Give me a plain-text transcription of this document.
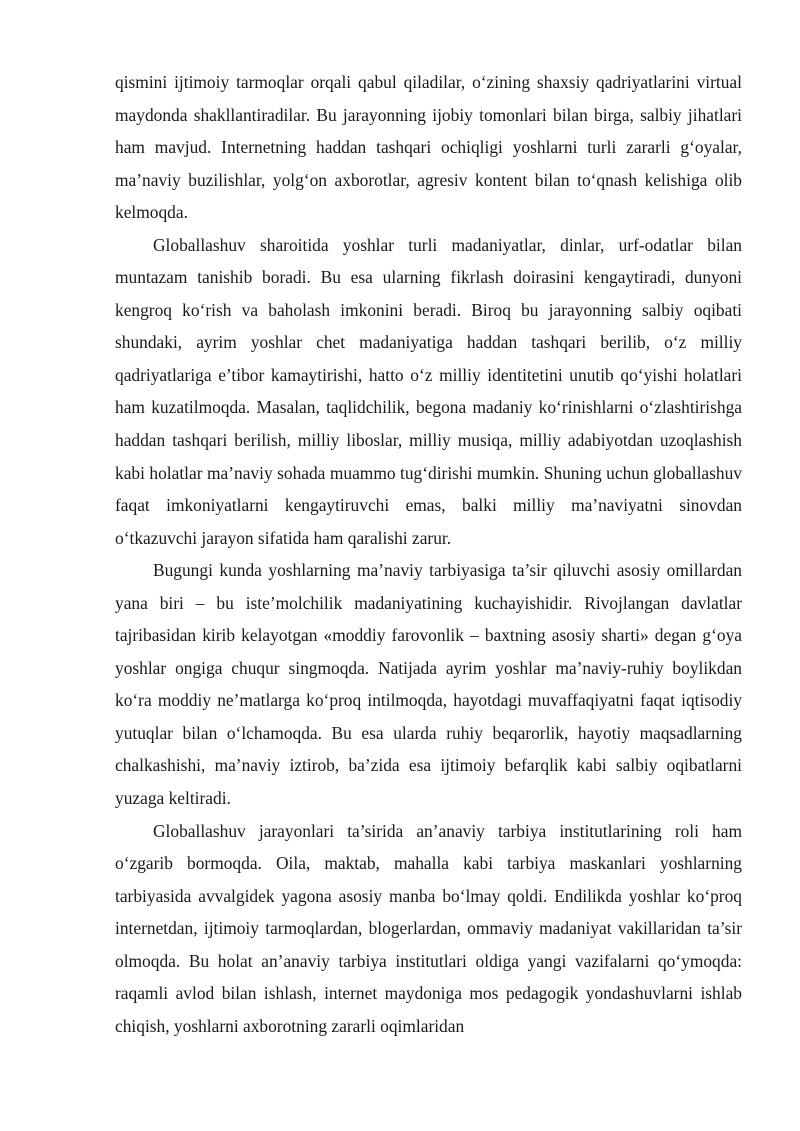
qismini ijtimoiy tarmoqlar orqali qabul qiladilar, o‘zining shaxsiy qadriyatlarini virtual maydonda shakllantiradilar. Bu jarayonning ijobiy tomonlari bilan birga, salbiy jihatlari ham mavjud. Internetning haddan tashqari ochiqligi yoshlarni turli zararli g‘oyalar, ma’naviy buzilishlar, yolg‘on axborotlar, agresiv kontent bilan to‘qnash kelishiga olib kelmoqda.

Globallashuv sharoitida yoshlar turli madaniyatlar, dinlar, urf-odatlar bilan muntazam tanishib boradi. Bu esa ularning fikrlash doirasini kengaytiradi, dunyoni kengroq ko‘rish va baholash imkonini beradi. Biroq bu jarayonning salbiy oqibati shundaki, ayrim yoshlar chet madaniyatiga haddan tashqari berilib, o‘z milliy qadriyatlariga e’tibor kamaytirishi, hatto o‘z milliy identitetini unutib qo‘yishi holatlari ham kuzatilmoqda. Masalan, taqlidchilik, begona madaniy ko‘rinishlarni o‘zlashtirishga haddan tashqari berilish, milliy liboslar, milliy musiqa, milliy adabiyotdan uzoqlashish kabi holatlar ma’naviy sohada muammo tug‘dirishi mumkin. Shuning uchun globallashuv faqat imkoniyatlarni kengaytiruvchi emas, balki milliy ma’naviyatni sinovdan o‘tkazuvchi jarayon sifatida ham qaralishi zarur.

Bugungi kunda yoshlarning ma’naviy tarbiyasiga ta’sir qiluvchi asosiy omillardan yana biri – bu iste’molchilik madaniyatining kuchayishidir. Rivojlangan davlatlar tajribasidan kirib kelayotgan «moddiy farovonlik – baxtning asosiy sharti» degan g‘oya yoshlar ongiga chuqur singmoqda. Natijada ayrim yoshlar ma’naviy-ruhiy boylikdan ko‘ra moddiy ne’matlarga ko‘proq intilmoqda, hayotdagi muvaffaqiyatni faqat iqtisodiy yutuqlar bilan o‘lchamoqda. Bu esa ularda ruhiy beqarorlik, hayotiy maqsadlarning chalkashishi, ma’naviy iztirob, ba’zida esa ijtimoiy befarqlik kabi salbiy oqibatlarni yuzaga keltiradi.

Globallashuv jarayonlari ta’sirida an’anaviy tarbiya institutlarining roli ham o‘zgarib bormoqda. Oila, maktab, mahalla kabi tarbiya maskanlari yoshlarning tarbiyasida avvalgidek yagona asosiy manba bo‘lmay qoldi. Endilikda yoshlar ko‘proq internetdan, ijtimoiy tarmoqlardan, blogerlardan, ommaviy madaniyat vakillaridan ta’sir olmoqda. Bu holat an’anaviy tarbiya institutlari oldiga yangi vazifalarni qo‘ymoqda: raqamli avlod bilan ishlash, internet maydoniga mos pedagogik yondashuvlarni ishlab chiqish, yoshlarni axborotning zararli oqimlaridan
